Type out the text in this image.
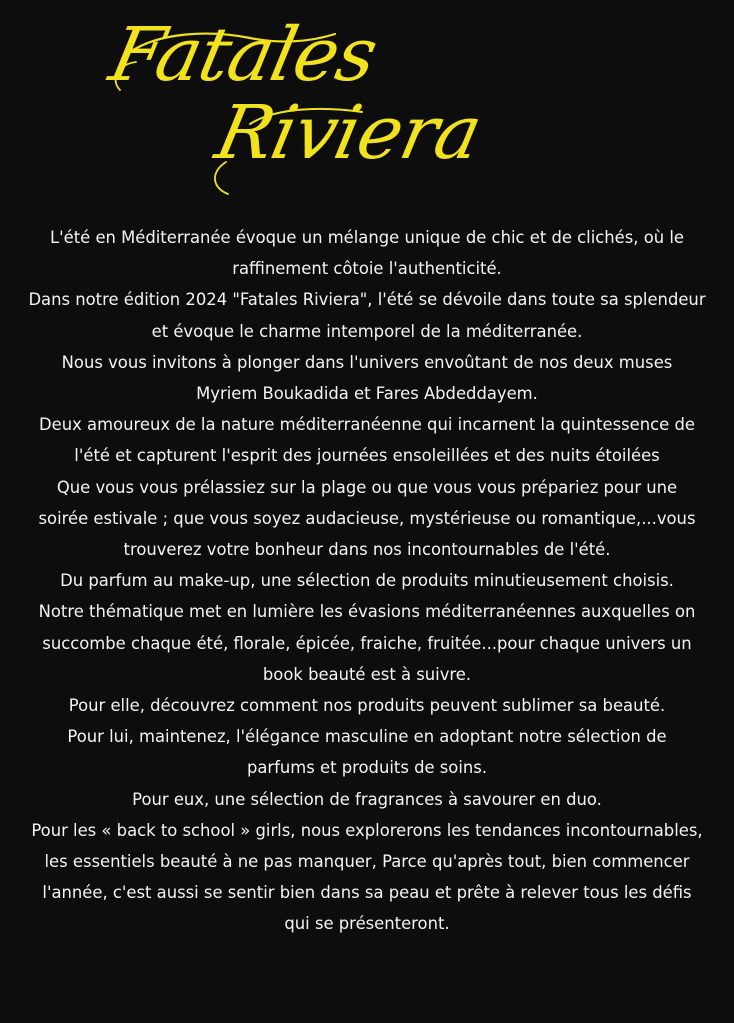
Fatales
Riviera
L'été en Méditerranée évoque un mélange unique de chic et de clichés, où le
raffinement côtoie l'authenticité.
Dans notre édition 2024 "Fatales Riviera", l'été se dévoile dans toute sa splendeur
et évoque le charme intemporel de la méditerranée.
Nous vous invitons à plonger dans l'univers envoûtant de nos deux muses
Myriem Boukadida et Fares Abdeddayem.
Deux amoureux de la nature méditerranéenne qui incarnent la quintessence de
l'été et capturent l'esprit des journées ensoleillées et des nuits étoilées
Que vous vous prélassiez sur la plage ou que vous vous prépariez pour une
soirée estivale ; que vous soyez audacieuse, mystérieuse ou romantique,...vous
trouverez votre bonheur dans nos incontournables de l'été.
Du parfum au make-up, une sélection de produits minutieusement choisis.
Notre thématique met en lumière les évasions méditerranéennes auxquelles on
succombe chaque été, florale, épicée, fraiche, fruitée...pour chaque univers un
book beauté est à suivre.
Pour elle, découvrez comment nos produits peuvent sublimer sa beauté.
Pour lui, maintenez, l'élégance masculine en adoptant notre sélection de
parfums et produits de soins.
Pour eux, une sélection de fragrances à savourer en duo.
Pour les « back to school » girls, nous explorerons les tendances incontournables,
les essentiels beauté à ne pas manquer, Parce qu'après tout, bien commencer
l'année, c'est aussi se sentir bien dans sa peau et prête à relever tous les défis
qui se présenteront.
